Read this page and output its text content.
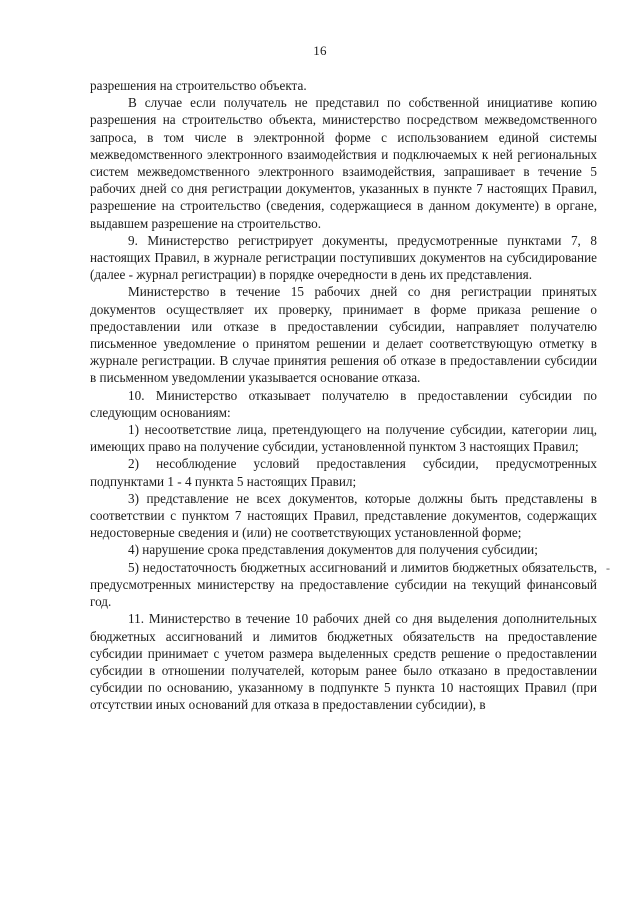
16

разрешения на строительство объекта.

В случае если получатель не представил по собственной инициативе копию разрешения на строительство объекта, министерство посредством межведомственного запроса, в том числе в электронной форме с использованием единой системы межведомственного электронного взаимодействия и подключаемых к ней региональных систем межведомственного электронного взаимодействия, запрашивает в течение 5 рабочих дней со дня регистрации документов, указанных в пункте 7 настоящих Правил, разрешение на строительство (сведения, содержащиеся в данном документе) в органе, выдавшем разрешение на строительство.

9. Министерство регистрирует документы, предусмотренные пунктами 7, 8 настоящих Правил, в журнале регистрации поступивших документов на субсидирование (далее - журнал регистрации) в порядке очередности в день их представления.

Министерство в течение 15 рабочих дней со дня регистрации принятых документов осуществляет их проверку, принимает в форме приказа решение о предоставлении или отказе в предоставлении субсидии, направляет получателю письменное уведомление о принятом решении и делает соответствующую отметку в журнале регистрации. В случае принятия решения об отказе в предоставлении субсидии в письменном уведомлении указывается основание отказа.

10. Министерство отказывает получателю в предоставлении субсидии по следующим основаниям:

1) несоответствие лица, претендующего на получение субсидии, категории лиц, имеющих право на получение субсидии, установленной пунктом 3 настоящих Правил;

2) несоблюдение условий предоставления субсидии, предусмотренных подпунктами 1 - 4 пункта 5 настоящих Правил;

3) представление не всех документов, которые должны быть представлены в соответствии с пунктом 7 настоящих Правил, представление документов, содержащих недостоверные сведения и (или) не соответствующих установленной форме;

4) нарушение срока представления документов для получения субсидии;

5) недостаточность бюджетных ассигнований и лимитов бюджетных обязательств, предусмотренных министерству на предоставление субсидии на текущий финансовый год.

11. Министерство в течение 10 рабочих дней со дня выделения дополнительных бюджетных ассигнований и лимитов бюджетных обязательств на предоставление субсидии принимает с учетом размера выделенных средств решение о предоставлении субсидии в отношении получателей, которым ранее было отказано в предоставлении субсидии по основанию, указанному в подпункте 5 пункта 10 настоящих Правил (при отсутствии иных оснований для отказа в предоставлении субсидии), в

-
